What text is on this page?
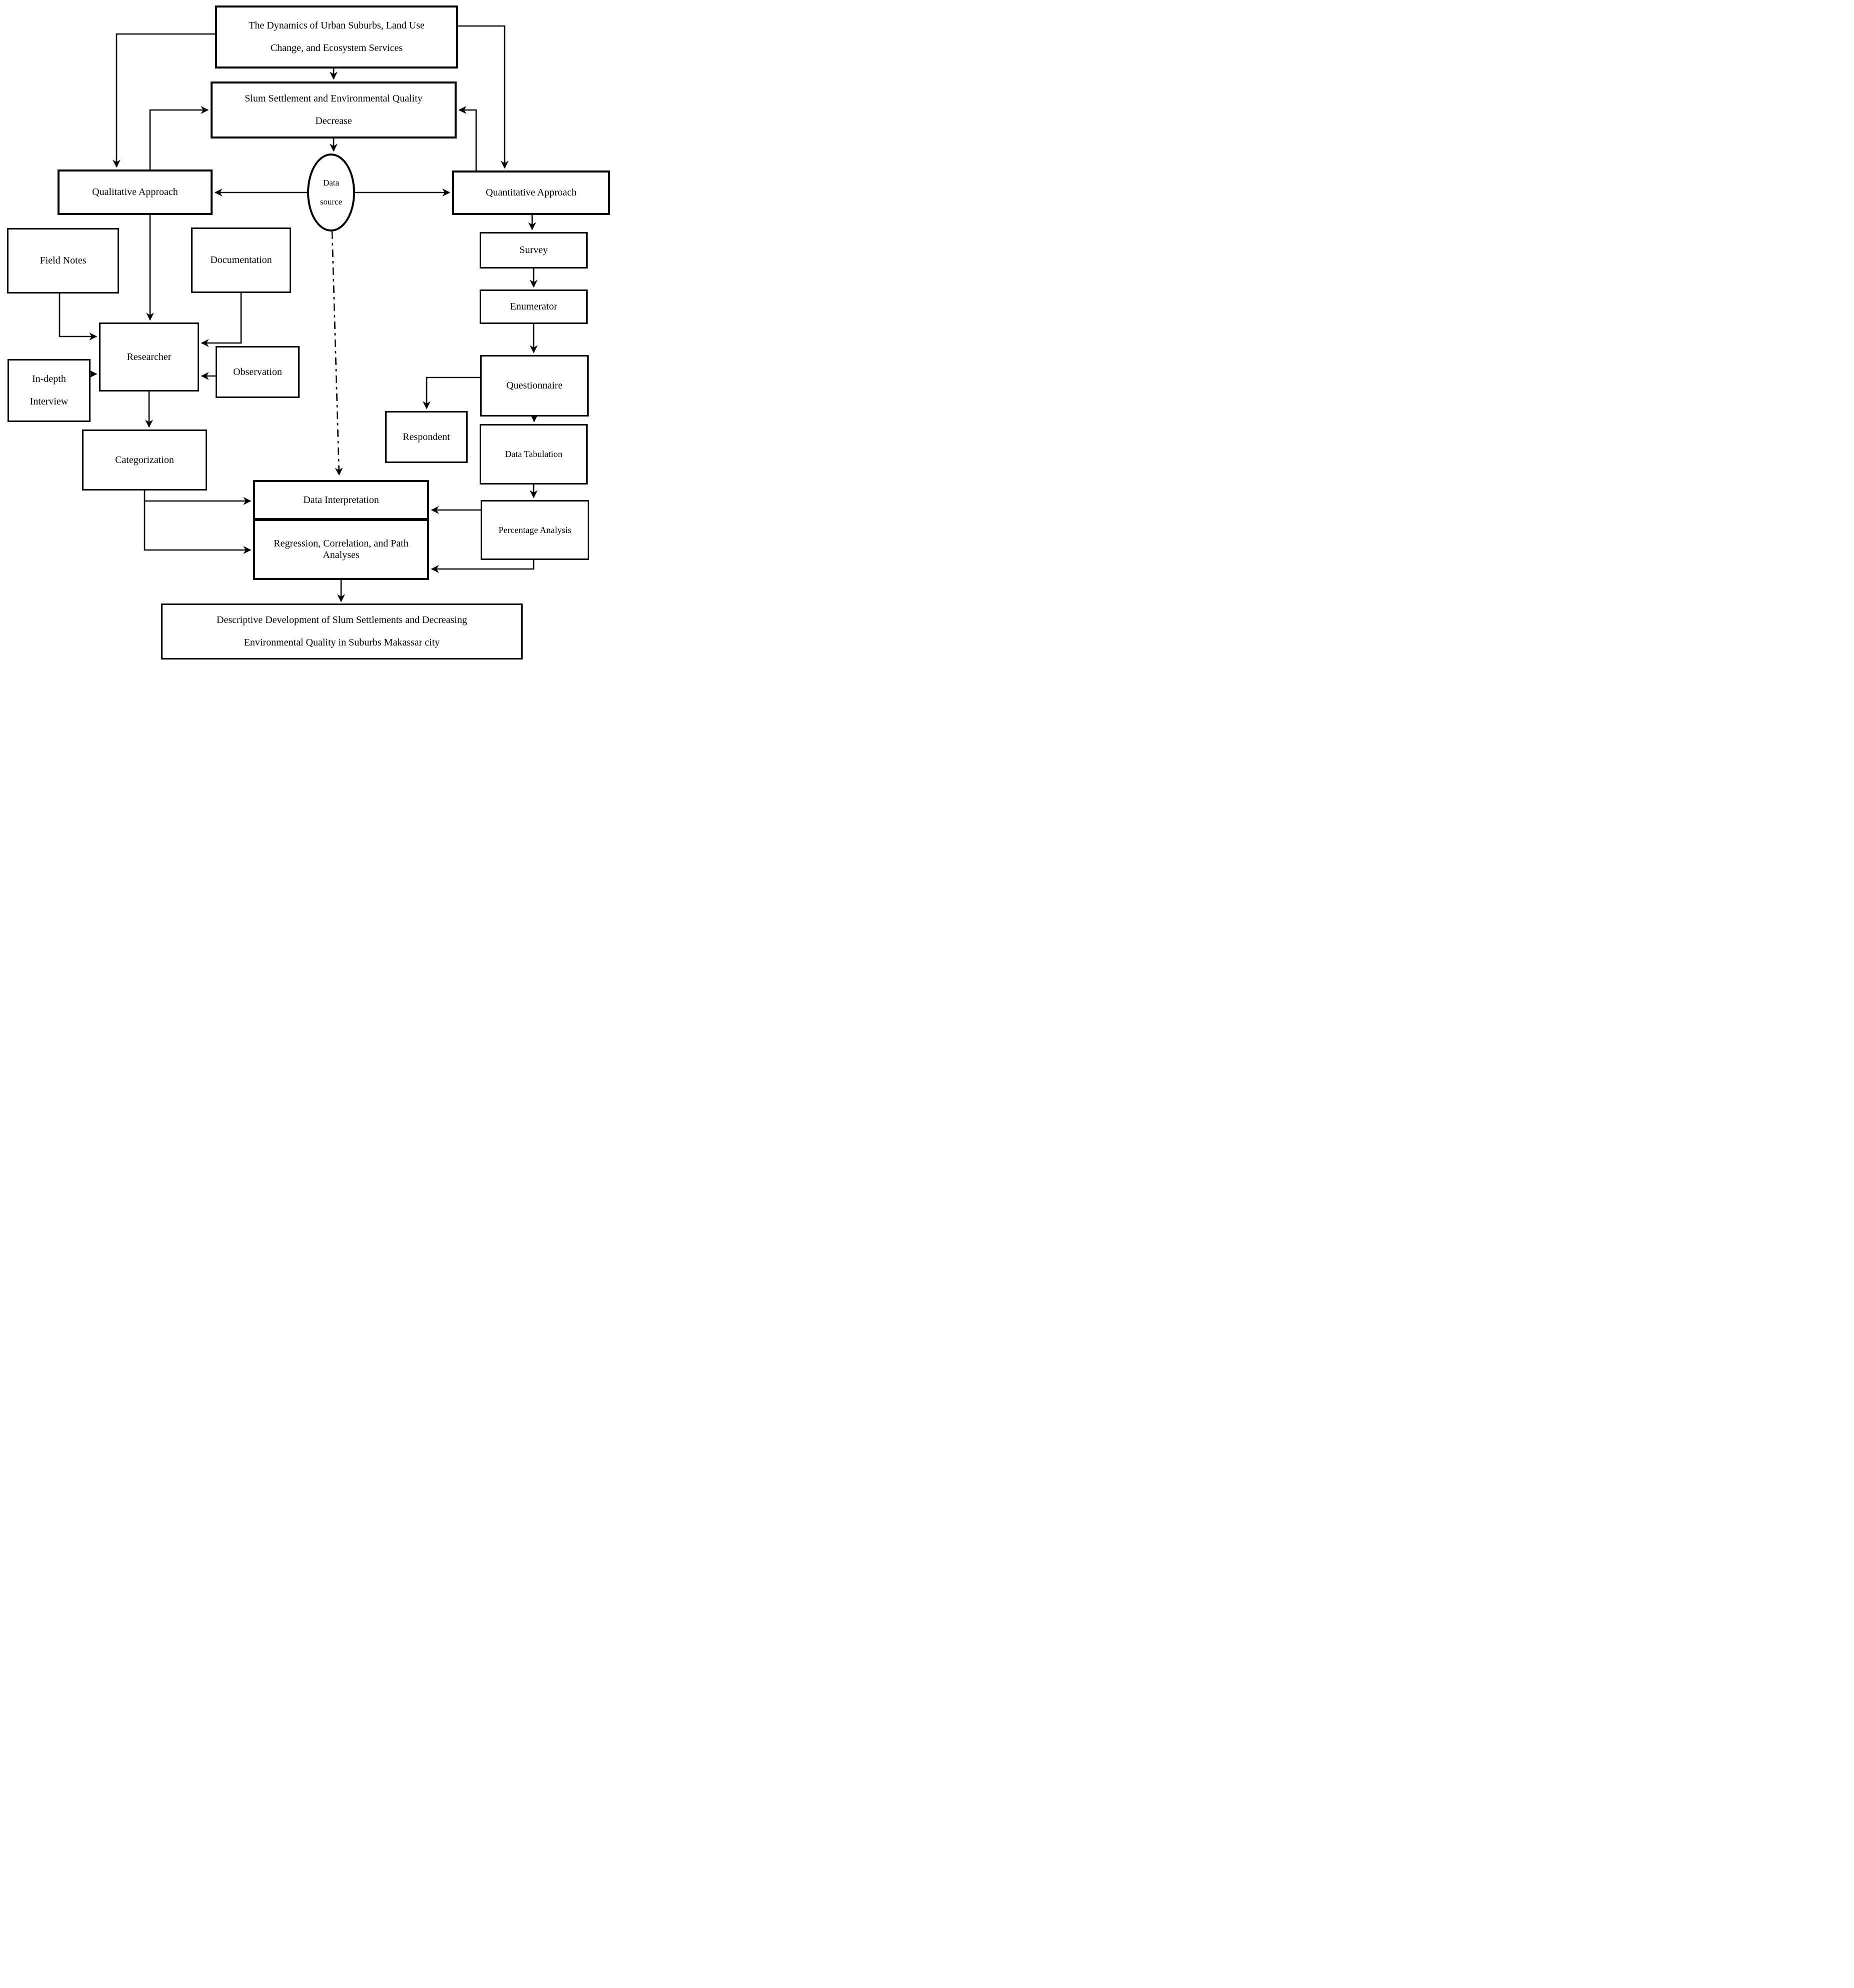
The Dynamics of Urban Suburbs, Land Use
Change, and Ecosystem Services
Slum Settlement and Environmental Quality
Decrease
Data
source
Qualitative Approach	Quantitative Approach
Field Notes	Documentation
Researcher
In-depth
Interview
Observation
Categorization
Survey
Enumerator
Questionnaire
Respondent
Data Tabulation
Percentage Analysis
Data Interpretation
Regression, Correlation, and Path
Analyses
Descriptive Development of Slum Settlements and Decreasing
Environmental Quality in Suburbs Makassar city
